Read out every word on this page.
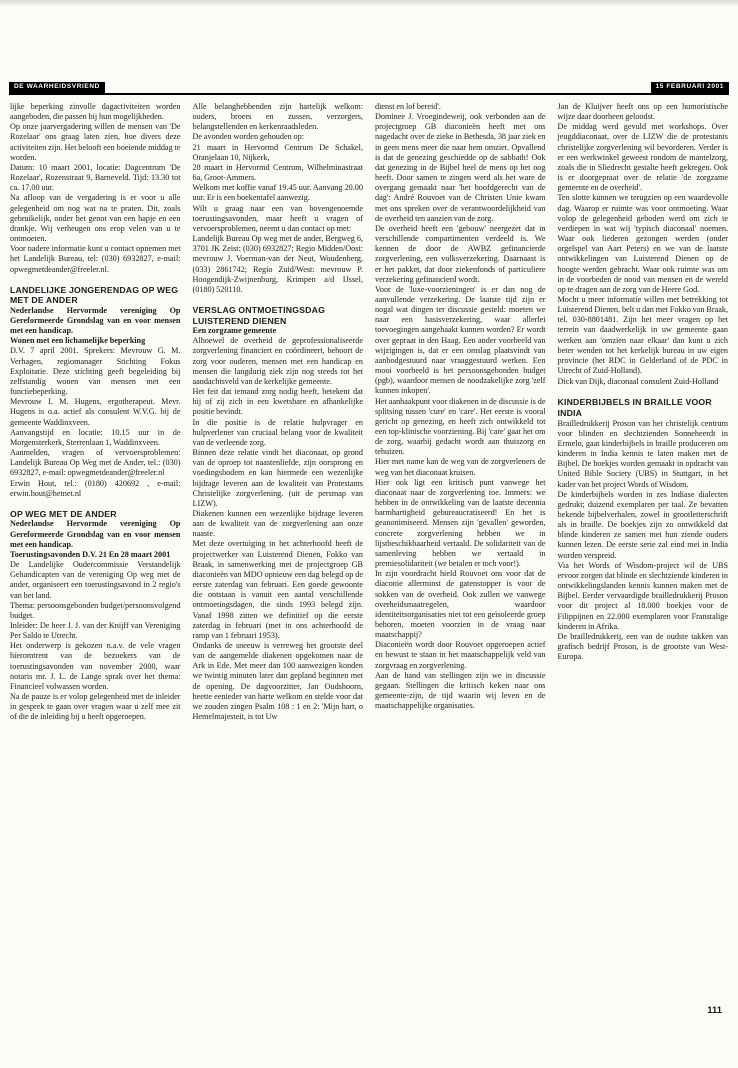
DE WAARHEIDSVRIEND	15 FEBRUARI 2001

lijke beperking zinvolle dagactiviteiten worden aangeboden, die passen bij hun mogelijkheden.

Op onze jaarvergadering willen de mensen van 'De Rozelaar' ons graag laten zien, hoe divers deze activiteiten zijn. Het belooft een boeiende middag te worden.

Datum: 10 maart 2001, locatie: Dagcentrum 'De Rozelaar', Rozenstraat 9, Barneveld. Tijd: 13.30 tot ca. 17.00 uur.

Na afloop van de vergadering is er voor u alle gelegenheid om nog wat na te praten. Dit, zoals gebruikelijk, onder het genot van een hapje en een drankje. Wij verheugen ons erop velen van u te ontmoeten.

Voor nadere informatie kunt u contact opnemen met het Landelijk Bureau, tel: (030) 6932827, e-mail: opwegmetdeander@freeler.nl.

LANDELIJKE JONGERENDAG OP WEG MET DE ANDER

Nederlandse Hervormde vereniging Op Gereformeerde Grondslag van en voor mensen met een handicap.

Wonen met een lichamelijke beperking

D.V. 7 april 2001. Sprekers: Mevrouw G. M. Verhagen, regiomanager Stichting Fokus Exploitatie. Deze stichting geeft begeleiding bij zelfstandig wonen van mensen met een functiebeperking.

Mevrouw I. M. Hugens, ergotherapeut. Mevr. Hugens is o.a. actief als consulent W.V.G. bij de gemeente Waddinxveen.

Aanvangstijd en locatie: 10.15 uur in de Morgensterkerk, Sterrenlaan 1, Waddinxveen.

Aanmelden, vragen of vervoersproblemen: Landelijk Bureau Op Weg met de Ander, tel.: (030) 6932827, e-mail: opwegmetdeander@freeler.nl

Erwin Hout, tel.: (0180) 420692 , e-mail: erwin.hout@hetnet.nl

OP WEG MET DE ANDER

Nederlandse Hervormde vereniging Op Gereformeerde Grondslag van en voor mensen met een handicap.

Toerustingsavonden D.V. 21 En 28 maart 2001

De Landelijke Oudercommissie Verstandelijk Gehandicapten van de vereniging Op weg met de ander, organiseert een toerustingsavond in 2 regio's van het land.

Thema: persoonsgebonden budget/persoonsvolgend budget.

Inleider: De heer J. J. van der Knijff van Vereniging Per Saldo te Utrecht.

Het onderwerp is gekozen n.a.v. de vele vragen hieromtrent van de bezoekers van de toerustingsavonden van november 2000, waar notaris mr. J. L. de Lange sprak over het thema: Financieel volwassen worden.

Na de pauze is er volop gelegenheid met de inleider in gesprek te gaan over vragen waar u zelf mee zit of die de inleiding bij u heeft opgeroepen.

Alle belanghebbenden zijn hartelijk welkom: ouders, broers en zussen, verzorgers, belangstellenden en kerkenraadsleden.

De avonden worden gehouden op:

21 maart in Hervormd Centrum De Schakel, Oranjelaan 10, Nijkerk,

28 maart in Hervormd Centrum, Wilhelminastraat 6a, Groot-Ammers.

Welkom met koffie vanaf 19.45 uur. Aanvang 20.00 uur. Er is een boekentafel aanwezig.

Wilt u graag naar een van bovengenoemde toerustingsavonden, maar heeft u vragen of vervoersproblemen, neemt u dan contact op met:

Landelijk Bureau Op weg met de ander, Bergweg 6, 3701 JK Zeist: (030) 6932827; Regio Midden/Oost: mevrouw J. Voerman-van der Neut, Woudenberg, (033) 2861742; Regio Zuid/West: mevrouw P. Hoogendijk-Zwijnenburg, Krimpen a/d IJssel, (0180) 520110.

VERSLAG ONTMOETINGSDAG LUISTEREND DIENEN

Een zorgzame gemeente

Alhoewel de overheid de geprofessionaliseerde zorgverlening financiert en coördineert, behoort de zorg voor ouderen, mensen met een handicap en mensen die langdurig ziek zijn nog steeds tot het aandachtsveld van de kerkelijke gemeente.

Het feit dat iemand zorg nodig heeft, betekent dat hij of zij zich in een kwetsbare en afhankelijke positie bevindt.

In die positie is de relatie hulpvrager en hulpverlener van cruciaal belang voor de kwaliteit van de verleende zorg.

Binnen deze relatie vindt het diaconaat, op grond van de oproep tot naastenliefde, zijn oorsprong en voedingsbodem en kan hiermede een wezenlijke bijdrage leveren aan de kwaliteit van Protestants Christelijke zorgverlening. (uit de persmap van LIZW).

Diakenen kunnen een wezenlijke bijdrage leveren aan de kwaliteit van de zorgverlening aan onze naaste.

Met deze overtuiging in het achterhoofd heeft de projectwerker van Luisterend Dienen, Fokko van Braak, in samenwerking met de projectgroep GB diaconieën van MDO opnieuw een dag belegd op de eerste zaterdag van februari. Een goede gewoonte die ontstaan is vanuit een aantal verschillende ontmoetingsdagen, die sinds 1993 belegd zijn. Vanaf 1998 zitten we definitief op die eerste zaterdag in februari (met in ons achterhoofd de ramp van 1 februari 1953).

Ondanks de sneeuw is verreweg het grootste deel van de aangemelde diakenen opgekomen naar de Ark in Ede. Met meer dan 100 aanwezigen konden we twintig minuten later dan gepland beginnen met de opening. De dagvoorzitter, Jan Oudshoorn, heette eenieder van harte welkom en stelde voor dat we zouden zingen Psalm 108 : 1 en 2: 'Mijn hart, o Hemelmajesteit, is tot Uw

dienst en lof bereid'.

Dominee J. Vroegindeweij, ook verbonden aan de projectgroep GB diaconieën heeft met ons nagedacht over de zieke in Bethesda, 38 jaar ziek en in geen mens meer die naar hem omziet. Opvallend is dat de genezing geschiedde op de sabbath! Ook dat genezing in de Bijbel heel de mens op het oog heeft. Door samen te zingen werd als het ware de overgang gemaakt naar 'het hoofdgerecht van de dag': André Rouvoet van de Christen Unie kwam met ons spreken over de verantwoordelijkheid van de overheid ten aanzien van de zorg.

De overheid heeft een 'gebouw' neergezet dat in verschillende compartimenten verdeeld is. We kennen de door de AWBZ gefinancierde zorgverlening, een volksverzekering. Daarnaast is er het pakket, dat door ziekenfonds of particuliere verzekering gefinancierd wordt.

Voor de 'luxe-voorzieningen' is er dan nog de aanvullende verzekering. De laatste tijd zijn er nogal wat dingen ter discussie gesteld: moeten we naar een basisverzekering, waar allerlei toevoegingen aangehaakt kunnen worden? Er wordt over gepraat in den Haag. Een ander voorbeeld van wijzigingen is, dat er een omslag plaatsvindt van aanbodgestuurd naar vraaggestuurd werken. Een mooi voorbeeld is het persoonsgebonden budget (pgb), waardoor mensen de noodzakelijke zorg 'zelf kunnen inkopen'.

Het aanhaakpunt voor diakenen in de discussie is de splitsing tussen 'cure' en 'care'. Het eerste is vooral gericht op genezing, en heeft zich ontwikkeld tot een top-klinische voorziening. Bij 'care' gaat het om de zorg, waarbij gedacht wordt aan thuiszorg en tehuizen.

Hier met name kan de weg van de zorgverleners de weg van het diaconaat kruisen.

Hier ook ligt een kritisch punt vanwege het diaconaat naar de zorgverlening toe. Immers: we hebben in de ontwikkeling van de laatste decennia barmhartigheid gebureaucratiseerd! En het is geanonimiseerd. Mensen zijn 'gevallen' geworden, concrete zorgverlening hebben we in lijstbeschikbaarheid vertaald. De solidariteit van de samenleving hebben we vertaald in premiesolidariteit (we betalen er toch voor!).

In zijn voordracht hield Rouvoet ons voor dat de diaconie allerminst de gatenstopper is voor de sokken van de overheid. Ook zullen we vanwege overheidsmaatregelen, waardoor identiteitsorganisaties niet tot een geïsoleerde groep behoren, moeten voorzien in de vraag naar maatschappij?

Diaconieën wordt door Rouvoet opgeroepen actief en bewust te staan in het maatschappelijk veld van zorgvraag en zorgverlening.

Aan de hand van stellingen zijn we in discussie gegaan. Stellingen die kritisch keken naar ons gemeente-zijn, de tijd waarin wij leven en de maatschappelijke organisaties.

Jan de Kluijver heeft ons op een humoristische wijze daar doorheen geloodst.

De middag werd gevuld met workshops. Over jeugddiaconaat, over de LIZW die de protestants christelijke zorgverlening wil bevorderen. Verder is er een werkwinkel geweest rondom de mantelzorg, zoals die in Sliedrecht gestalte heeft gekregen. Ook is er doorgepraat over de relatie 'de zorgzame gemeente en de overheid'.

Ten slotte kunnen we terugzien op een waardevolle dag. Waarop er ruimte was voor ontmoeting. Waar volop de gelegenheid geboden werd om zich te verdiepen in wat wij 'typisch diaconaal' noemen. Waar ook liederen gezongen werden (onder orgelspel van Aart Peters) en we van de laatste ontwikkelingen van Luisterend Dienen op de hoogte werden gebracht. Waar ook ruimte was om in de voorbeden de nood van mensen en de wereld op te dragen aan de zorg van de Heere God.

Mocht u meer informatie willen met betrekking tot Luisterend Dienen, belt u dan met Fokko van Braak, tel. 030-8801481. Zijn het meer vragen op het terrein van daadwerkelijk in uw gemeente gaan werken aan 'omzien naar elkaar' dan kunt u zich beter wenden tot het kerkelijk bureau in uw eigen provincie (het RDC in Gelderland of de PDC in Utrecht of Zuid-Holland).

Dick van Dijk, diaconaal consulent Zuid-Holland

KINDERBIJBELS IN BRAILLE VOOR INDIA

Brailledrukkerij Proson van het christelijk centrum voor blinden en slechtzienden Sonneheerdt in Ermelo, gaat kinderbijbels in braille produceren om kinderen in India kennis te laten maken met de Bijbel. De boekjes worden gemaakt in opdracht van United Bible Society (UBS) in Stuttgart, in het kader van het project Words of Wisdom.

De kinderbijbels worden in zes Indiase dialecten gedrukt; duizend exemplaren per taal. Ze bevatten bekende bijbelverhalen, zowel in grootletterschrift als in braille. De boekjes zijn zo ontwikkeld dat blinde kinderen ze samen met hun ziende ouders kunnen lezen. De eerste serie zal eind mei in India worden verspreid.

Via het Words of Wisdom-project wil de UBS ervoor zorgen dat blinde en slechtziende kinderen in ontwikkelingslanden kennis kunnen maken met de Bijbel. Eerder vervaardigde brailledrukkerij Proson voor dit project al 18.000 boekjes voor de Filippijnen en 22.000 exemplaren voor Franstalige kinderen in Afrika.

De brailledrukkerij, een van de oudste takken van grafisch bedrijf Proson, is de grootste van West-Europa.

111
